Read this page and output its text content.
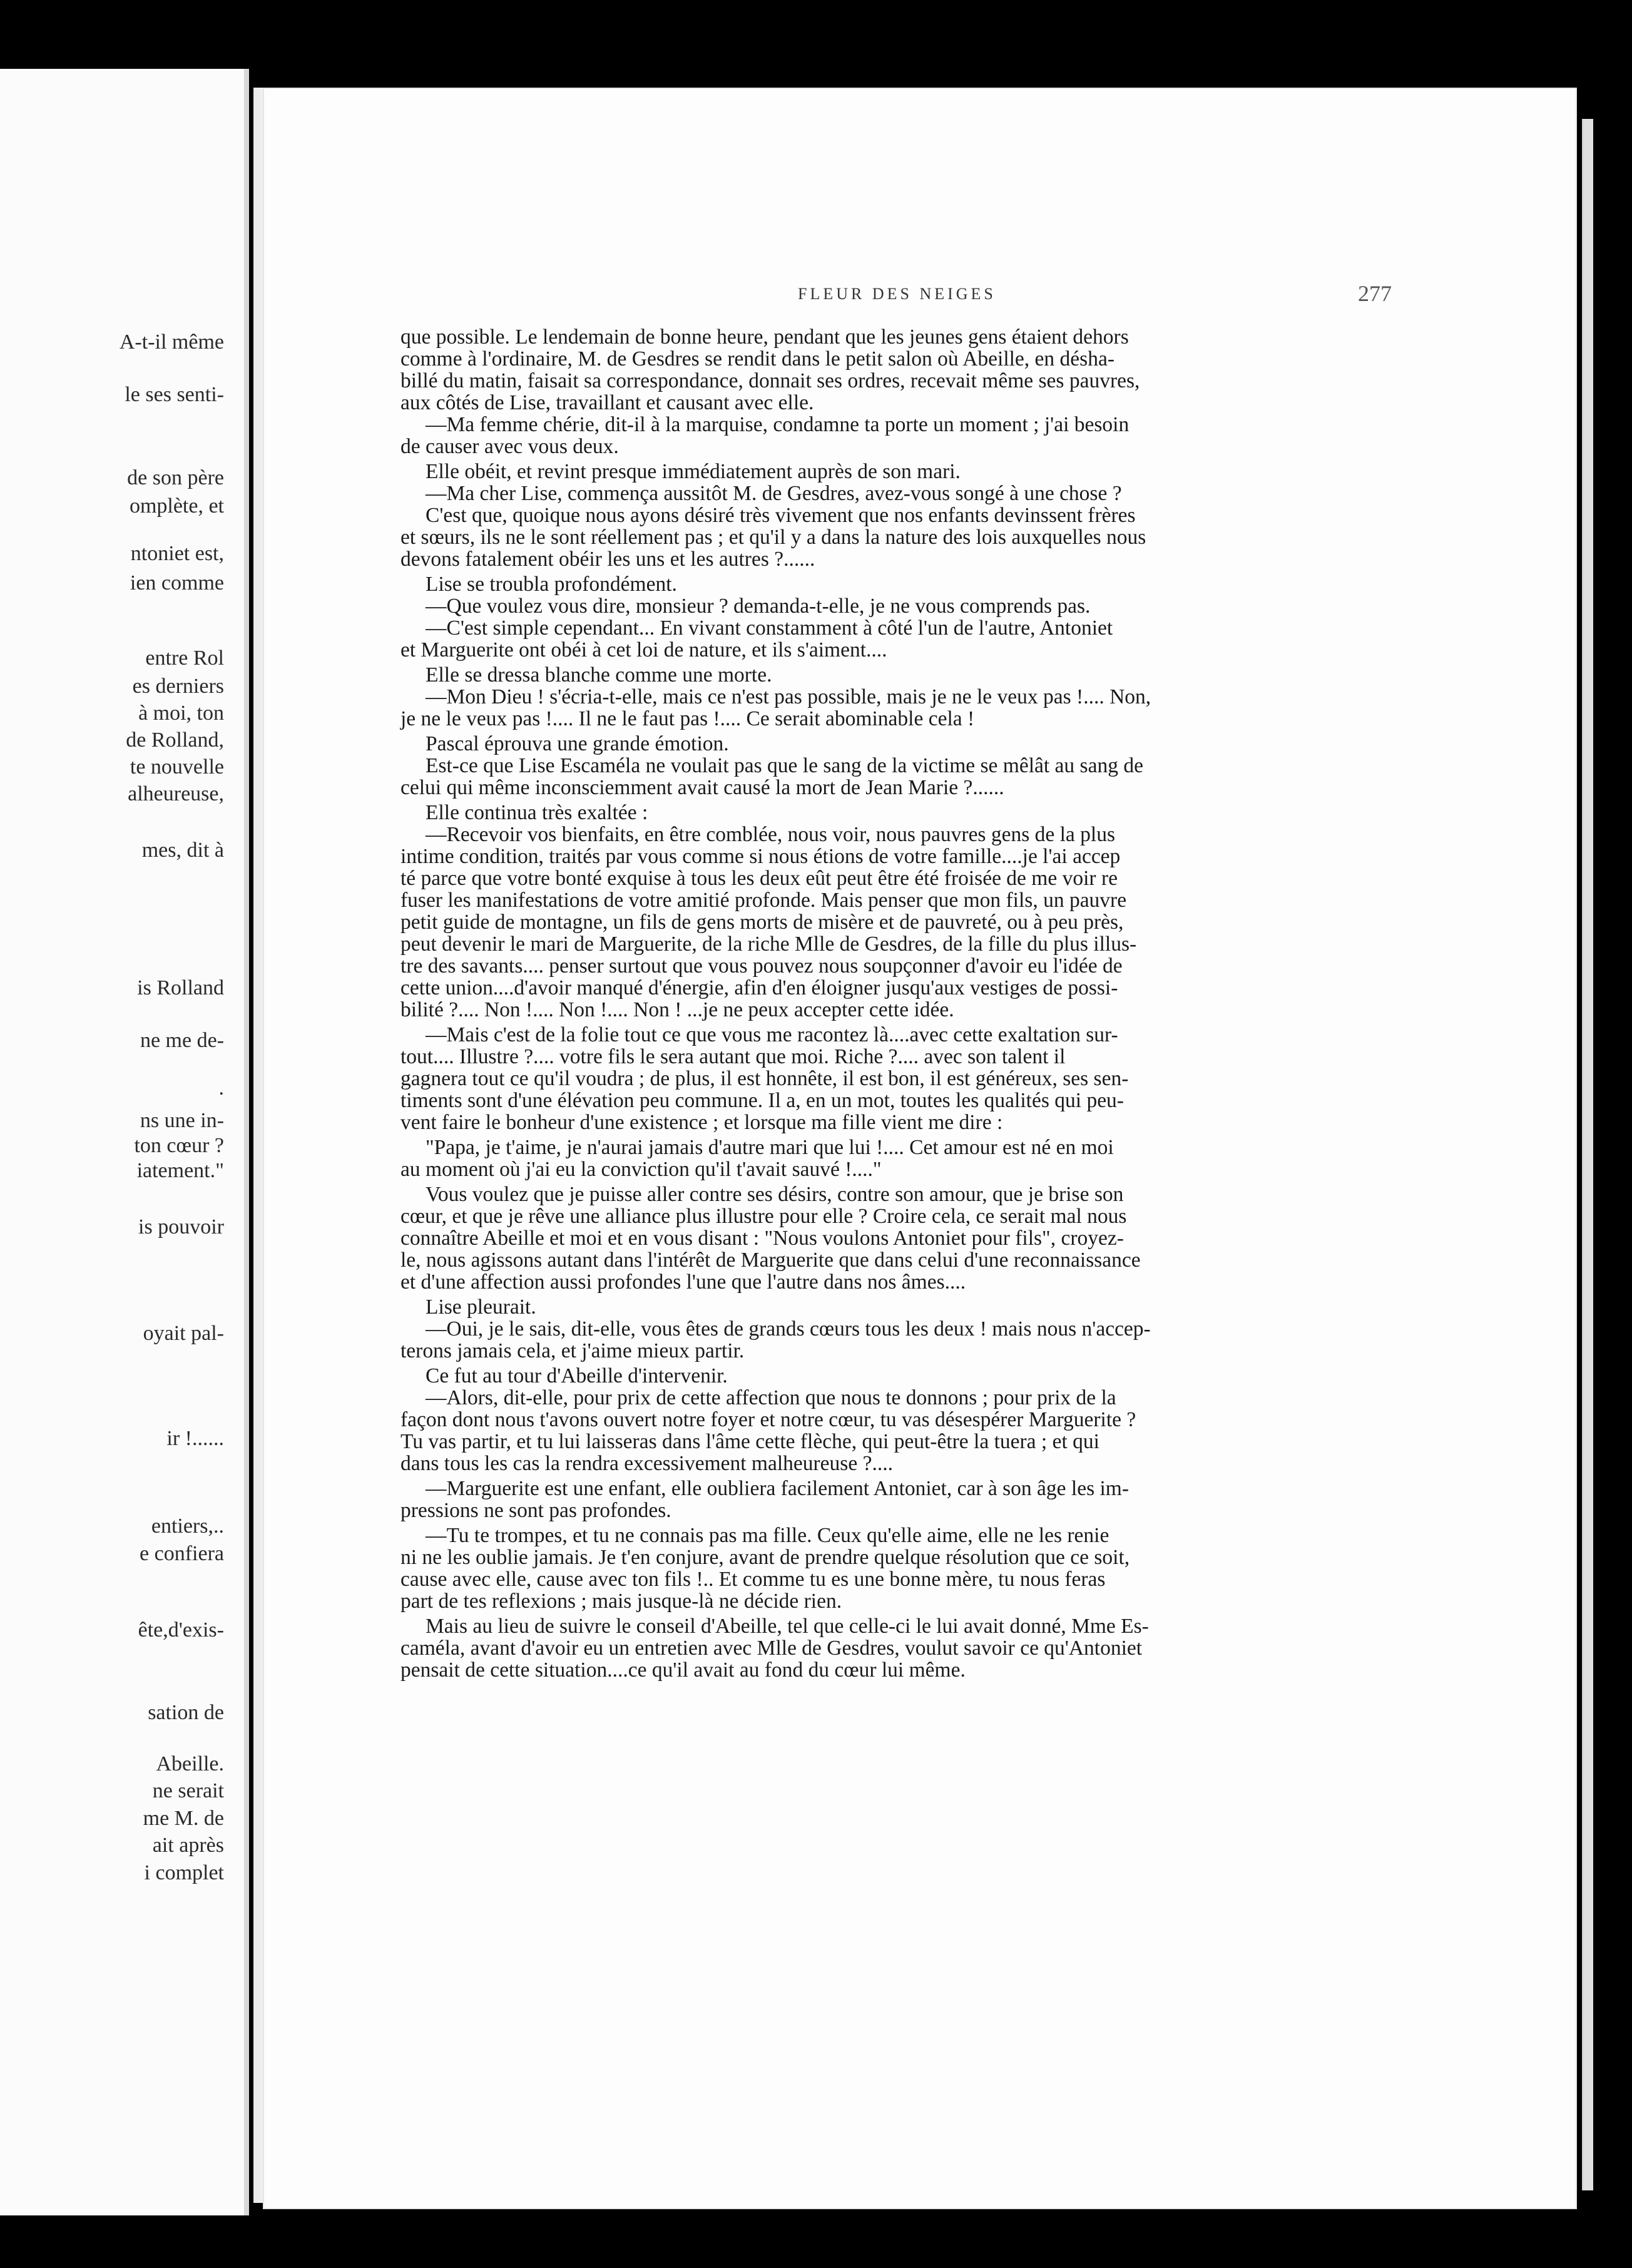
A-t-il même
le ses senti-
de son père
omplète, et
ntoniet est,
ien comme
entre Rol
es derniers
à moi, ton
de Rolland,
te nouvelle
alheureuse,
mes, dit à
is Rolland
ne me de-
.
ns une in-
ton cœur ?
iatement."
is pouvoir
oyait pal-
ir !......
entiers,..
e confiera
ête,d'exis-
sation de
Abeille.
ne serait
me M. de
ait après
i complet
FLEUR DES NEIGES	277
que possible. Le lendemain de bonne heure, pendant que les jeunes gens étaient dehors
comme à l'ordinaire, M. de Gesdres se rendit dans le petit salon où Abeille, en désha-
billé du matin, faisait sa correspondance, donnait ses ordres, recevait même ses pauvres,
aux côtés de Lise, travaillant et causant avec elle.
—Ma femme chérie, dit-il à la marquise, condamne ta porte un moment ; j'ai besoin
de causer avec vous deux.
Elle obéit, et revint presque immédiatement auprès de son mari.
—Ma cher Lise, commença aussitôt M. de Gesdres, avez-vous songé à une chose ?
C'est que, quoique nous ayons désiré très vivement que nos enfants devinssent frères
et sœurs, ils ne le sont réellement pas ; et qu'il y a dans la nature des lois auxquelles nous
devons fatalement obéir les uns et les autres ?......
Lise se troubla profondément.
—Que voulez vous dire, monsieur ? demanda-t-elle, je ne vous comprends pas.
—C'est simple cependant... En vivant constamment à côté l'un de l'autre, Antoniet
et Marguerite ont obéi à cet loi de nature, et ils s'aiment....
Elle se dressa blanche comme une morte.
—Mon Dieu ! s'écria-t-elle, mais ce n'est pas possible, mais je ne le veux pas !.... Non,
je ne le veux pas !.... Il ne le faut pas !.... Ce serait abominable cela !
Pascal éprouva une grande émotion.
Est-ce que Lise Escaméla ne voulait pas que le sang de la victime se mêlât au sang de
celui qui même inconsciemment avait causé la mort de Jean Marie ?......
Elle continua très exaltée :
—Recevoir vos bienfaits, en être comblée, nous voir, nous pauvres gens de la plus
intime condition, traités par vous comme si nous étions de votre famille....je l'ai accep
té parce que votre bonté exquise à tous les deux eût peut être été froisée de me voir re
fuser les manifestations de votre amitié profonde. Mais penser que mon fils, un pauvre
petit guide de montagne, un fils de gens morts de misère et de pauvreté, ou à peu près,
peut devenir le mari de Marguerite, de la riche Mlle de Gesdres, de la fille du plus illus-
tre des savants.... penser surtout que vous pouvez nous soupçonner d'avoir eu l'idée de
cette union....d'avoir manqué d'énergie, afin d'en éloigner jusqu'aux vestiges de possi-
bilité ?.... Non !.... Non !.... Non ! ...je ne peux accepter cette idée.
—Mais c'est de la folie tout ce que vous me racontez là....avec cette exaltation sur-
tout.... Illustre ?.... votre fils le sera autant que moi. Riche ?.... avec son talent il
gagnera tout ce qu'il voudra ; de plus, il est honnête, il est bon, il est généreux, ses sen-
timents sont d'une élévation peu commune. Il a, en un mot, toutes les qualités qui peu-
vent faire le bonheur d'une existence ; et lorsque ma fille vient me dire :
"Papa, je t'aime, je n'aurai jamais d'autre mari que lui !.... Cet amour est né en moi
au moment où j'ai eu la conviction qu'il t'avait sauvé !...."
Vous voulez que je puisse aller contre ses désirs, contre son amour, que je brise son
cœur, et que je rêve une alliance plus illustre pour elle ? Croire cela, ce serait mal nous
connaître Abeille et moi et en vous disant : "Nous voulons Antoniet pour fils", croyez-
le, nous agissons autant dans l'intérêt de Marguerite que dans celui d'une reconnaissance
et d'une affection aussi profondes l'une que l'autre dans nos âmes....
Lise pleurait.
—Oui, je le sais, dit-elle, vous êtes de grands cœurs tous les deux ! mais nous n'accep-
terons jamais cela, et j'aime mieux partir.
Ce fut au tour d'Abeille d'intervenir.
—Alors, dit-elle, pour prix de cette affection que nous te donnons ; pour prix de la
façon dont nous t'avons ouvert notre foyer et notre cœur, tu vas désespérer Marguerite ?
Tu vas partir, et tu lui laisseras dans l'âme cette flèche, qui peut-être la tuera ; et qui
dans tous les cas la rendra excessivement malheureuse ?....
—Marguerite est une enfant, elle oubliera facilement Antoniet, car à son âge les im-
pressions ne sont pas profondes.
—Tu te trompes, et tu ne connais pas ma fille. Ceux qu'elle aime, elle ne les renie
ni ne les oublie jamais. Je t'en conjure, avant de prendre quelque résolution que ce soit,
cause avec elle, cause avec ton fils !.. Et comme tu es une bonne mère, tu nous feras
part de tes reflexions ; mais jusque-là ne décide rien.
Mais au lieu de suivre le conseil d'Abeille, tel que celle-ci le lui avait donné, Mme Es-
caméla, avant d'avoir eu un entretien avec Mlle de Gesdres, voulut savoir ce qu'Antoniet
pensait de cette situation....ce qu'il avait au fond du cœur lui même.
